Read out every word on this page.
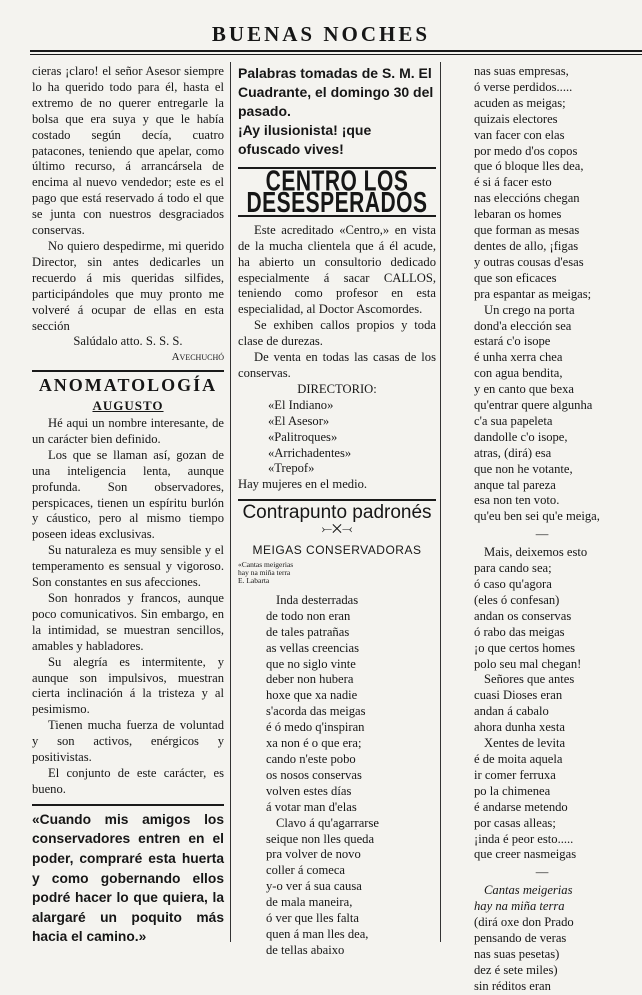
BUENAS NOCHES

cieras ¡claro! el señor Asesor siempre lo ha querido todo para él, hasta el extremo de no querer entregarle la bolsa que era suya y que le había costado según decía, cuatro patacones, teniendo que apelar, como último recurso, á arrancársela de encima al nuevo vendedor; este es el pago que está reservado á todo el que se junta con nuestros desgraciados conservas.

No quiero despedirme, mi querido Director, sin antes dedicarles un recuerdo á mis queridas silfides, participándoles que muy pronto me volveré á ocupar de ellas en esta sección

Salúdalo atto. S. S. S.

Avechuchó

ANOMATOLOGÍA
AUGUSTO

Hé aqui un nombre interesante, de un carácter bien definido.

Los que se llaman así, gozan de una inteligencia lenta, aunque profunda. Son observadores, perspicaces, tienen un espíritu burlón y cáustico, pero al mismo tiempo poseen ideas exclusivas.

Su naturaleza es muy sensible y el temperamento es sensual y vigoroso. Son constantes en sus afecciones.

Son honrados y francos, aunque poco comunicativos. Sin embargo, en la intimidad, se muestran sencillos, amables y habladores.

Su alegría es intermitente, y aunque son impulsivos, muestran cierta inclinación á la tristeza y al pesimismo.

Tienen mucha fuerza de voluntad y son activos, enérgicos y positivistas.

El conjunto de este carácter, es bueno.

«Cuando mis amigos los conservadores entren en el poder, compraré esta huerta y como gobernando ellos podré hacer lo que quiera, la alargaré un poquito más hacia el camino.»

Palabras tomadas de S. M. El Cuadrante, el domingo 30 del pasado.
¡Ay ilusionista! ¡que ofuscado vives!
CENTRO LOS DESESPERADOS

Este acreditado «Centro,» en vista de la mucha clientela que á él acude, ha abierto un consultorio dedicado especialmente á sacar CALLOS, teniendo como profesor en esta especialidad, al Doctor Ascomordes.

Se exhiben callos propios y toda clase de durezas.

De venta en todas las casas de los conservas.

DIRECTORIO:

«El Indiano»
«El Asesor»
«Palitroques»
«Arrichadentes»
«Trepof»

Hay mujeres en el medio.

Contrapunto padronés
⤚✕⤙
MEIGAS CONSERVADORAS

«Cantas meigerias

hay na miña terra

E. Labarta

Inda desterradas
de todo non eran
de tales patrañas
as vellas creencias
que no siglo vinte
deber non hubera
hoxe que xa nadie
s'acorda das meigas
é ó medo q'inspiran
xa non é o que era;
cando n'este pobo
os nosos conservas
volven estes días
á votar man d'elas
Clavo á qu'agarrarse
seique non lles queda
pra volver de novo
coller á comeca
y-o ver á sua causa
de mala maneira,
ó ver que lles falta
quen á man lles dea,
de tellas abaixo
nas suas empresas,
ó verse perdidos.....
acuden as meigas;
quizais electores
van facer con elas
por medo d'os copos
que ó bloque lles dea,
é si á facer esto
nas eleccións chegan
lebaran os homes
que forman as mesas
dentes de allo, ¡figas
y outras cousas d'esas
que son eficaces
pra espantar as meigas;
Un crego na porta
dond'a elección sea
estará c'o isope
é unha xerra chea
con agua bendita,
y en canto que bexa
qu'entrar quere algunha
c'a sua papeleta
dandolle c'o isope,
atras, (dirá) esa
que non he votante,
anque tal pareza
esa non ten voto.
qu'eu ben sei qu'e meiga,
—
Mais, deixemos esto
para cando sea;
ó caso qu'agora
(eles ó confesan)
andan os conservas
ó rabo das meigas
¡o que certos homes
polo seu mal chegan!
Señores que antes
cuasi Dioses eran
andan á cabalo
ahora dunha xesta
Xentes de levita
é de moita aquela
ir comer ferruxa
po la chimenea
é andarse metendo
por casas alleas;
¡inda é peor esto.....
que creer nasmeigas
—
Cantas meigerias
hay na miña terra
(dirá oxe don Prado
pensando de veras
nas suas pesetas)
dez é sete miles)
sin réditos eran
